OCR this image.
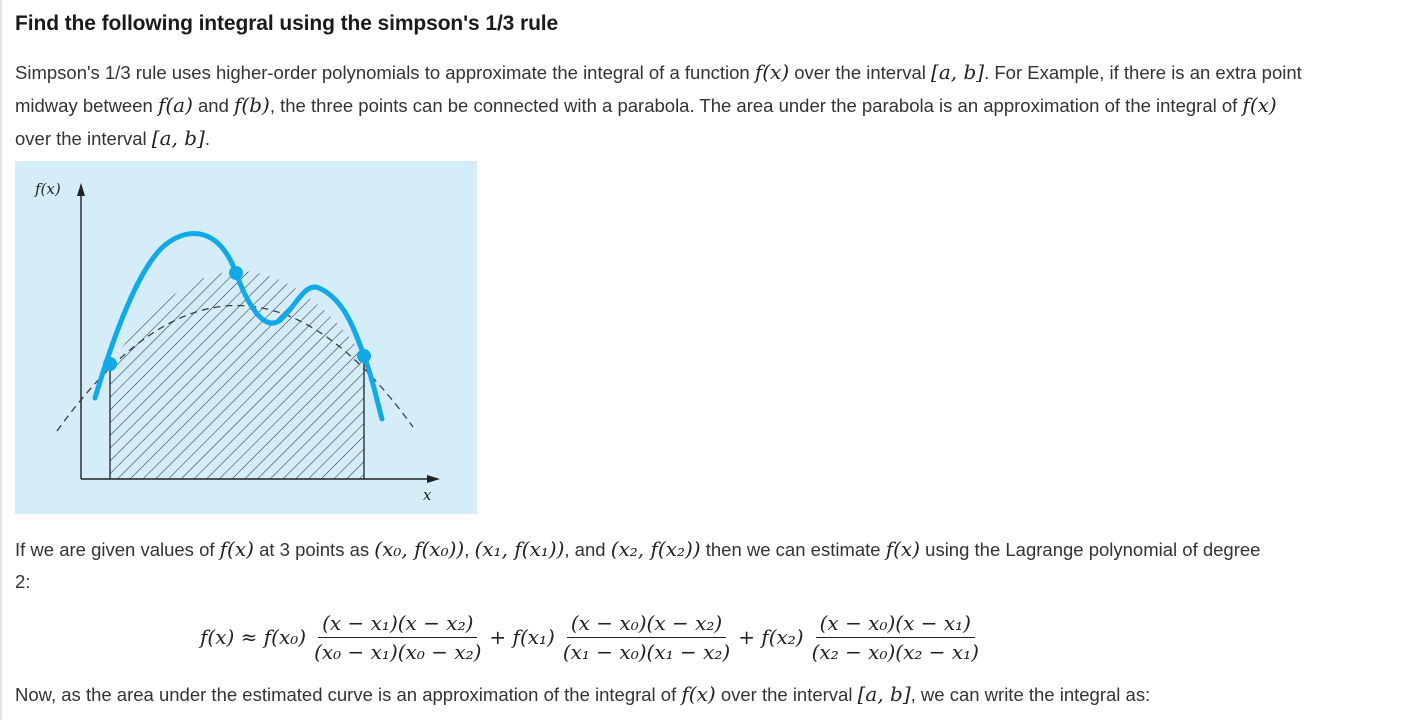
Find the following integral using the simpson's 1/3 rule

Simpson's 1/3 rule uses higher-order polynomials to approximate the integral of a function f(x) over the interval [a, b]. For Example, if there is an extra point midway between f(a) and f(b), the three points can be connected with a parabola. The area under the parabola is an approximation of the integral of f(x) over the interval [a, b].

f(x)
x

If we are given values of f(x) at 3 points as (x₀, f(x₀)), (x₁, f(x₁)), and (x₂, f(x₂)) then we can estimate f(x) using the Lagrange polynomial of degree 2:

$f(x) \approx f(x_0) \frac{\text{(x − x₁)(x − x₂)}}{\text{(x₀ − x₁)(x₀ − x₂)}} + f(x_1) \frac{\text{(x − x₀)(x − x₂)}}{\text{(x₁ − x₀)(x₁ − x₂)}} + f(x_2) \frac{\text{(x − x₀)(x − x₁)}}{\text{(x₂ − x₀)(x₂ − x₁)}}$

Now, as the area under the estimated curve is an approximation of the integral of f(x) over the interval [a, b], we can write the integral as:
